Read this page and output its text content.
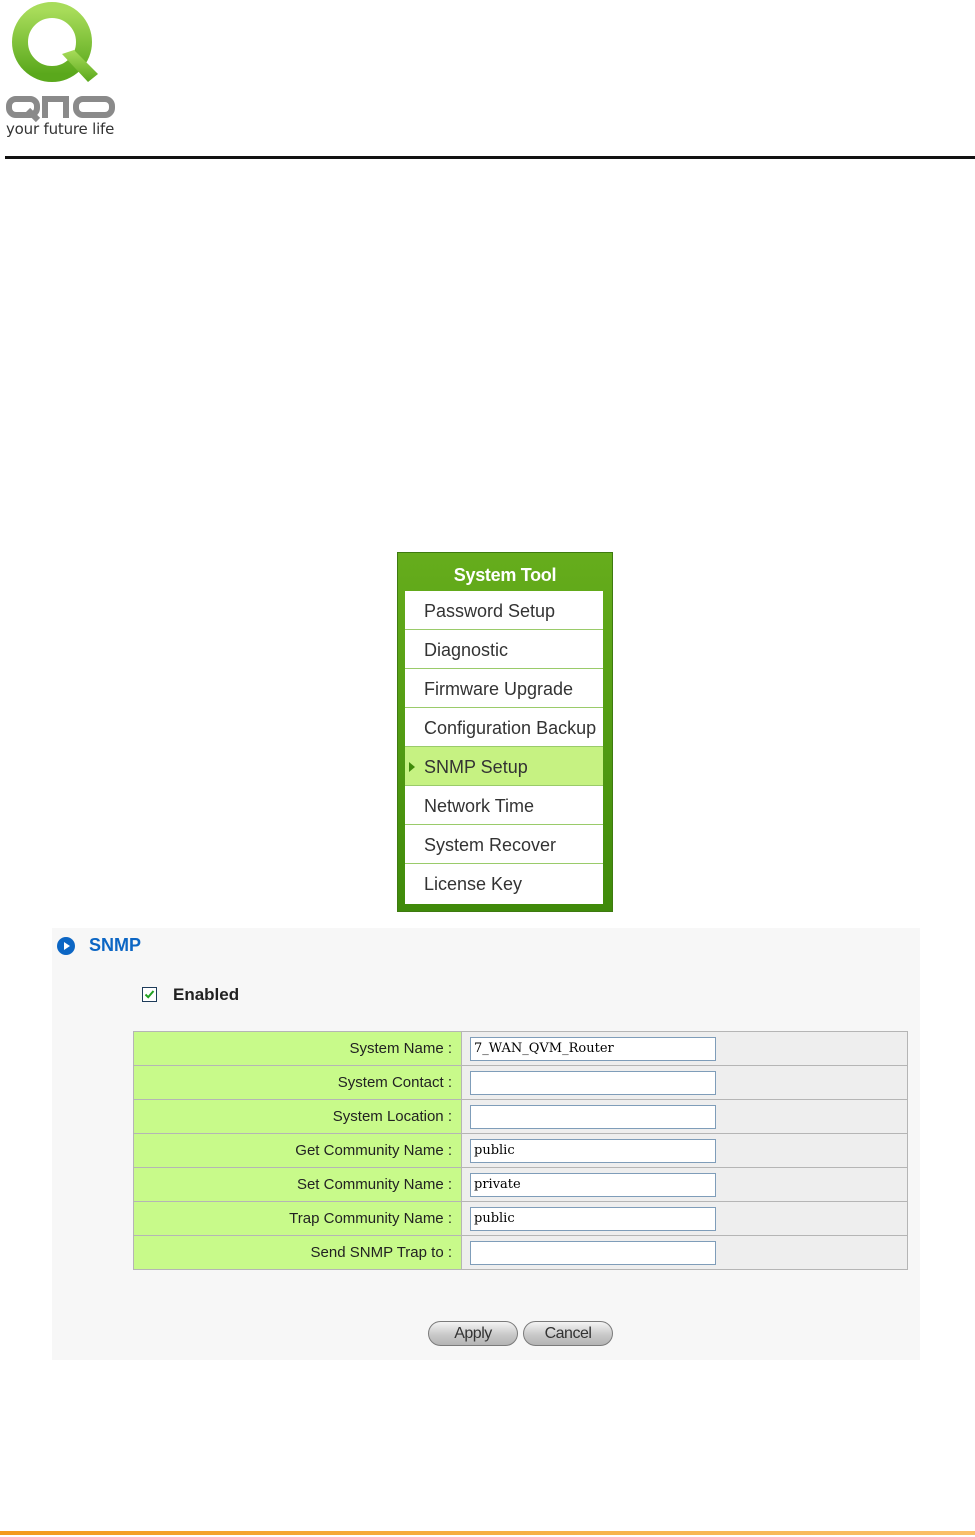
your future life
System Tool
Password Setup
Diagnostic
Firmware Upgrade
Configuration Backup
SNMP Setup
Network Time
System Recover
License Key
SNMP
Enabled
System Name :	
7_WAN_QVM_Router
System Contact :	

System Location :	

Get Community Name :	
public
Set Community Name :	
private
Trap Community Name :	
public
Send SNMP Trap to :	
Apply	Cancel
